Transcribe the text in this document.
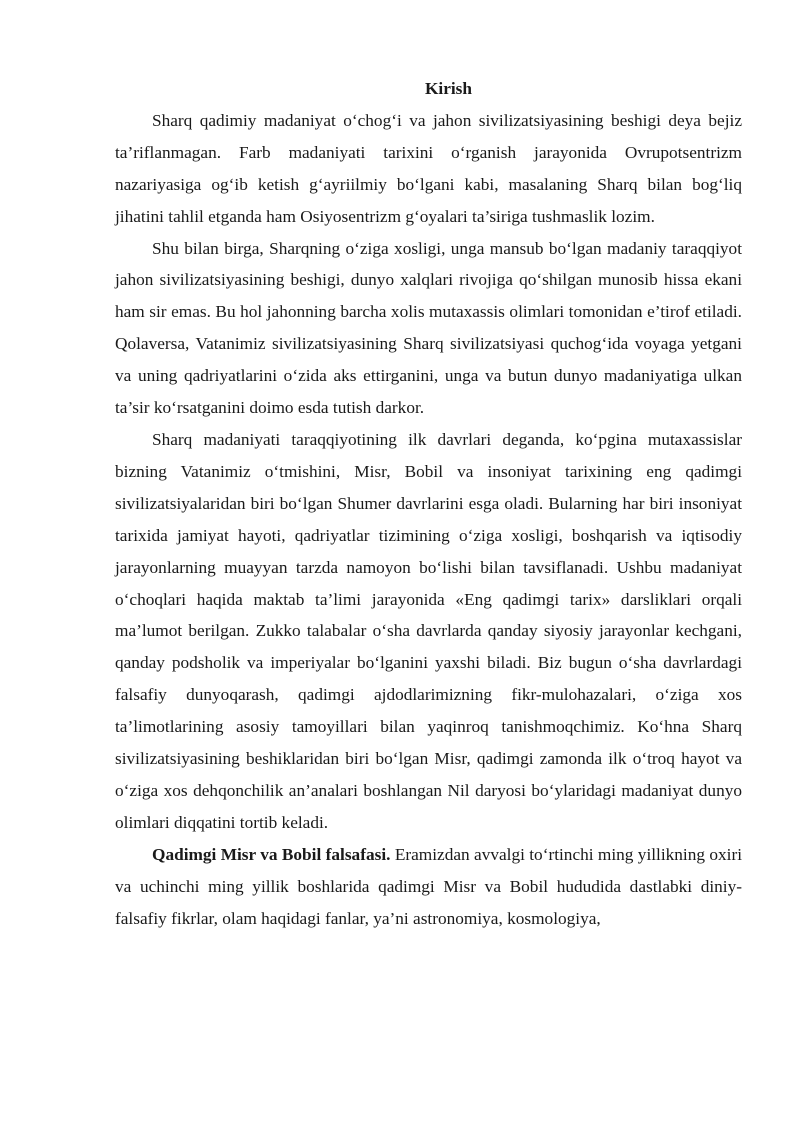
Kirish

Sharq qadimiy madaniyat o‘chog‘i va jahon sivilizatsiyasining beshigi deya bejiz ta’riflanmagan. Farb madaniyati tarixini o‘rganish jarayonida Ovrupotsentrizm nazariyasiga og‘ib ketish g‘ayriilmiy bo‘lgani kabi, masalaning Sharq bilan bog‘liq jihatini tahlil etganda ham Osiyosentrizm g‘oyalari ta’siriga tushmaslik lozim.

Shu bilan birga, Sharqning o‘ziga xosligi, unga mansub bo‘lgan madaniy taraqqiyot jahon sivilizatsiyasining beshigi, dunyo xalqlari rivojiga qo‘shilgan munosib hissa ekani ham sir emas. Bu hol jahonning barcha xolis mutaxassis olimlari tomonidan e’tirof etiladi. Qolaversa, Vatanimiz sivilizatsiyasining Sharq sivilizatsiyasi quchog‘ida voyaga yetgani va uning qadriyatlarini o‘zida aks ettirganini, unga va butun dunyo madaniyatiga ulkan ta’sir ko‘rsatganini doimo esda tutish darkor.

Sharq madaniyati taraqqiyotining ilk davrlari deganda, ko‘pgina mutaxassislar bizning Vatanimiz o‘tmishini, Misr, Bobil va insoniyat tarixining eng qadimgi sivilizatsiyalaridan biri bo‘lgan Shumer davrlarini esga oladi. Bularning har biri insoniyat tarixida jamiyat hayoti, qadriyatlar tizimining o‘ziga xosligi, boshqarish va iqtisodiy jarayonlarning muayyan tarzda namoyon bo‘lishi bilan tavsiflanadi. Ushbu madaniyat o‘choqlari haqida maktab ta’limi jarayonida «Eng qadimgi tarix» darsliklari orqali ma’lumot berilgan. Zukko talabalar o‘sha davrlarda qanday siyosiy jarayonlar kechgani, qanday podsholik va imperiyalar bo‘lganini yaxshi biladi. Biz bugun o‘sha davrlardagi falsafiy dunyoqarash, qadimgi ajdodlarimizning fikr-mulohazalari, o‘ziga xos ta’limotlarining asosiy tamoyillari bilan yaqinroq tanishmoqchimiz. Ko‘hna Sharq sivilizatsiyasining beshiklaridan biri bo‘lgan Misr, qadimgi zamonda ilk o‘troq hayot va o‘ziga xos dehqonchilik an’analari boshlangan Nil daryosi bo‘ylaridagi madaniyat dunyo olimlari diqqatini tortib keladi.

Qadimgi Misr va Bobil falsafasi. Eramizdan avvalgi to‘rtinchi ming yillikning oxiri va uchinchi ming yillik boshlarida qadimgi Misr va Bobil hududida dastlabki diniy-falsafiy fikrlar, olam haqidagi fanlar, ya’ni astronomiya, kosmologiya,
